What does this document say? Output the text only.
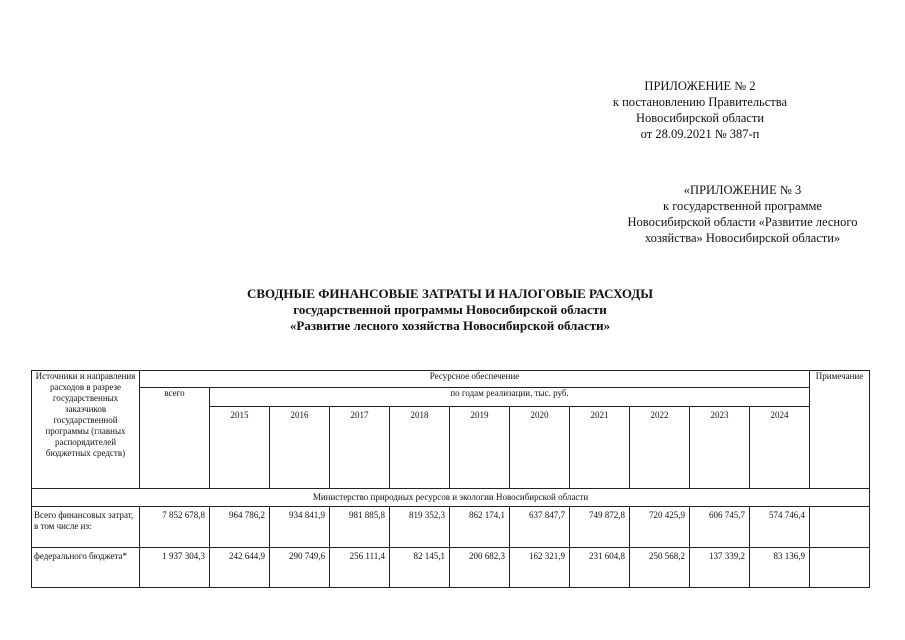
ПРИЛОЖЕНИЕ № 2
к постановлению Правительства
Новосибирской области
от 28.09.2021 № 387-п
«ПРИЛОЖЕНИЕ № 3
к государственной программе
Новосибирской области «Развитие лесного
хозяйства» Новосибирской области»
СВОДНЫЕ ФИНАНСОВЫЕ ЗАТРАТЫ И НАЛОГОВЫЕ РАСХОДЫ
государственной программы Новосибирской области
«Развитие лесного хозяйства Новосибирской области»
Источники и направления расходов в разрезе государственных заказчиков государственной программы (главных распорядителей бюджетных средств)	Ресурсное обеспечение											Примечание
	всего	по годам реализации, тыс. руб.										
		2015	2016	2017	2018	2019	2020	2021	2022	2023	2024	
Министерство природных ресурсов и экологии Новосибирской области												
Всего финансовых затрат, в том числе из:	7 852 678,8	964 786,2	934 841,9	981 885,8	819 352,3	862 174,1	637 847,7	749 872,8	720 425,9	606 745,7	574 746,4	
федерального бюджета*	1 937 304,3	242 644,9	290 749,6	256 111,4	82 145,1	200 682,3	162 321,9	231 604,8	250 568,2	137 339,2	83 136,9	
